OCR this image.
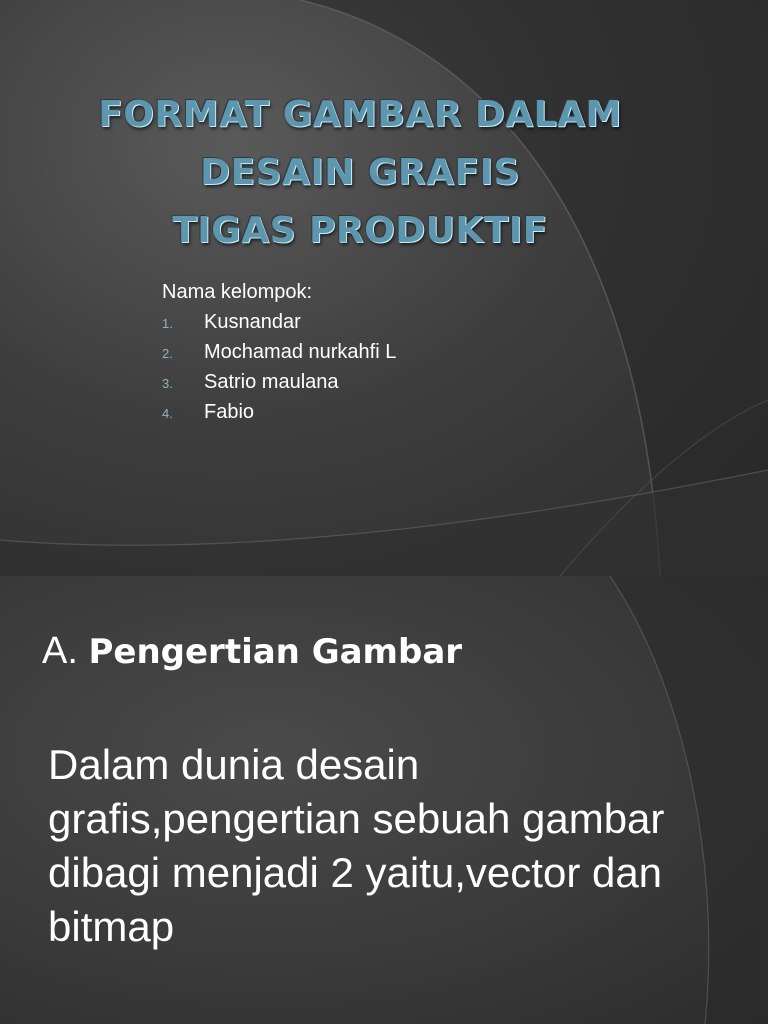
FORMAT GAMBAR DALAM
DESAIN GRAFIS
TIGAS PRODUKTIF

Nama kelompok:

1.	Kusnandar
2.	Mochamad nurkahfi L
3.	Satrio maulana
4.	Fabio
A. Pengertian Gambar

Dalam dunia desain grafis,pengertian sebuah gambar dibagi menjadi 2 yaitu,vector dan bitmap
